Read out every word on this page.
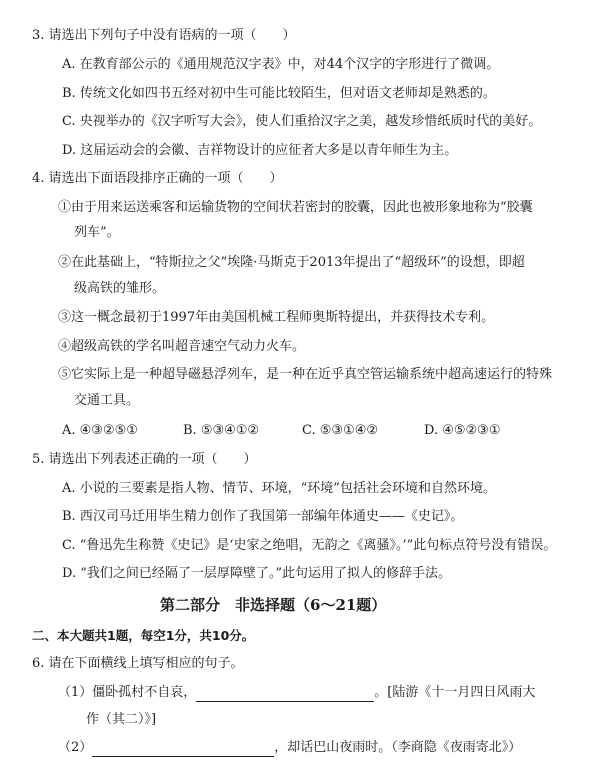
3. 请选出下列句子中没有语病的一项（　　）
A. 在教育部公示的《通用规范汉字表》中，对44个汉字的字形进行了微调。
B. 传统文化如四书五经对初中生可能比较陌生，但对语文老师却是熟悉的。
C. 央视举办的《汉字听写大会》，使人们重拾汉字之美，越发珍惜纸质时代的美好。
D. 这届运动会的会徽、吉祥物设计的应征者大多是以青年师生为主。
4. 请选出下面语段排序正确的一项（　　）
①由于用来运送乘客和运输货物的空间状若密封的胶囊，因此也被形象地称为“胶囊
列车”。
②在此基础上，“特斯拉之父”埃隆·马斯克于2013年提出了“超级环”的设想，即超
级高铁的雏形。
③这一概念最初于1997年由美国机械工程师奥斯特提出，并获得技术专利。
④超级高铁的学名叫超音速空气动力火车。
⑤它实际上是一种超导磁悬浮列车，是一种在近乎真空管运输系统中超高速运行的特殊
交通工具。
A. ④③②⑤①	B. ⑤③④①②	C. ⑤③①④②	D. ④⑤②③①
5. 请选出下列表述正确的一项（　　）
A. 小说的三要素是指人物、情节、环境，“环境”包括社会环境和自然环境。
B. 西汉司马迁用毕生精力创作了我国第一部编年体通史——《史记》。
C. “鲁迅先生称赞《史记》是‘史家之绝唱，无韵之《离骚》。’”此句标点符号没有错误。
D. “我们之间已经隔了一层厚障壁了。”此句运用了拟人的修辞手法。
第二部分　非选择题（6～21题）
二、本大题共1题，每空1分，共10分。
6. 请在下面横线上填写相应的句子。
（1）僵卧孤村不自哀，	。[陆游《十一月四日风雨大
作（其二）》]
（2）	，却话巴山夜雨时。（李商隐《夜雨寄北》）
